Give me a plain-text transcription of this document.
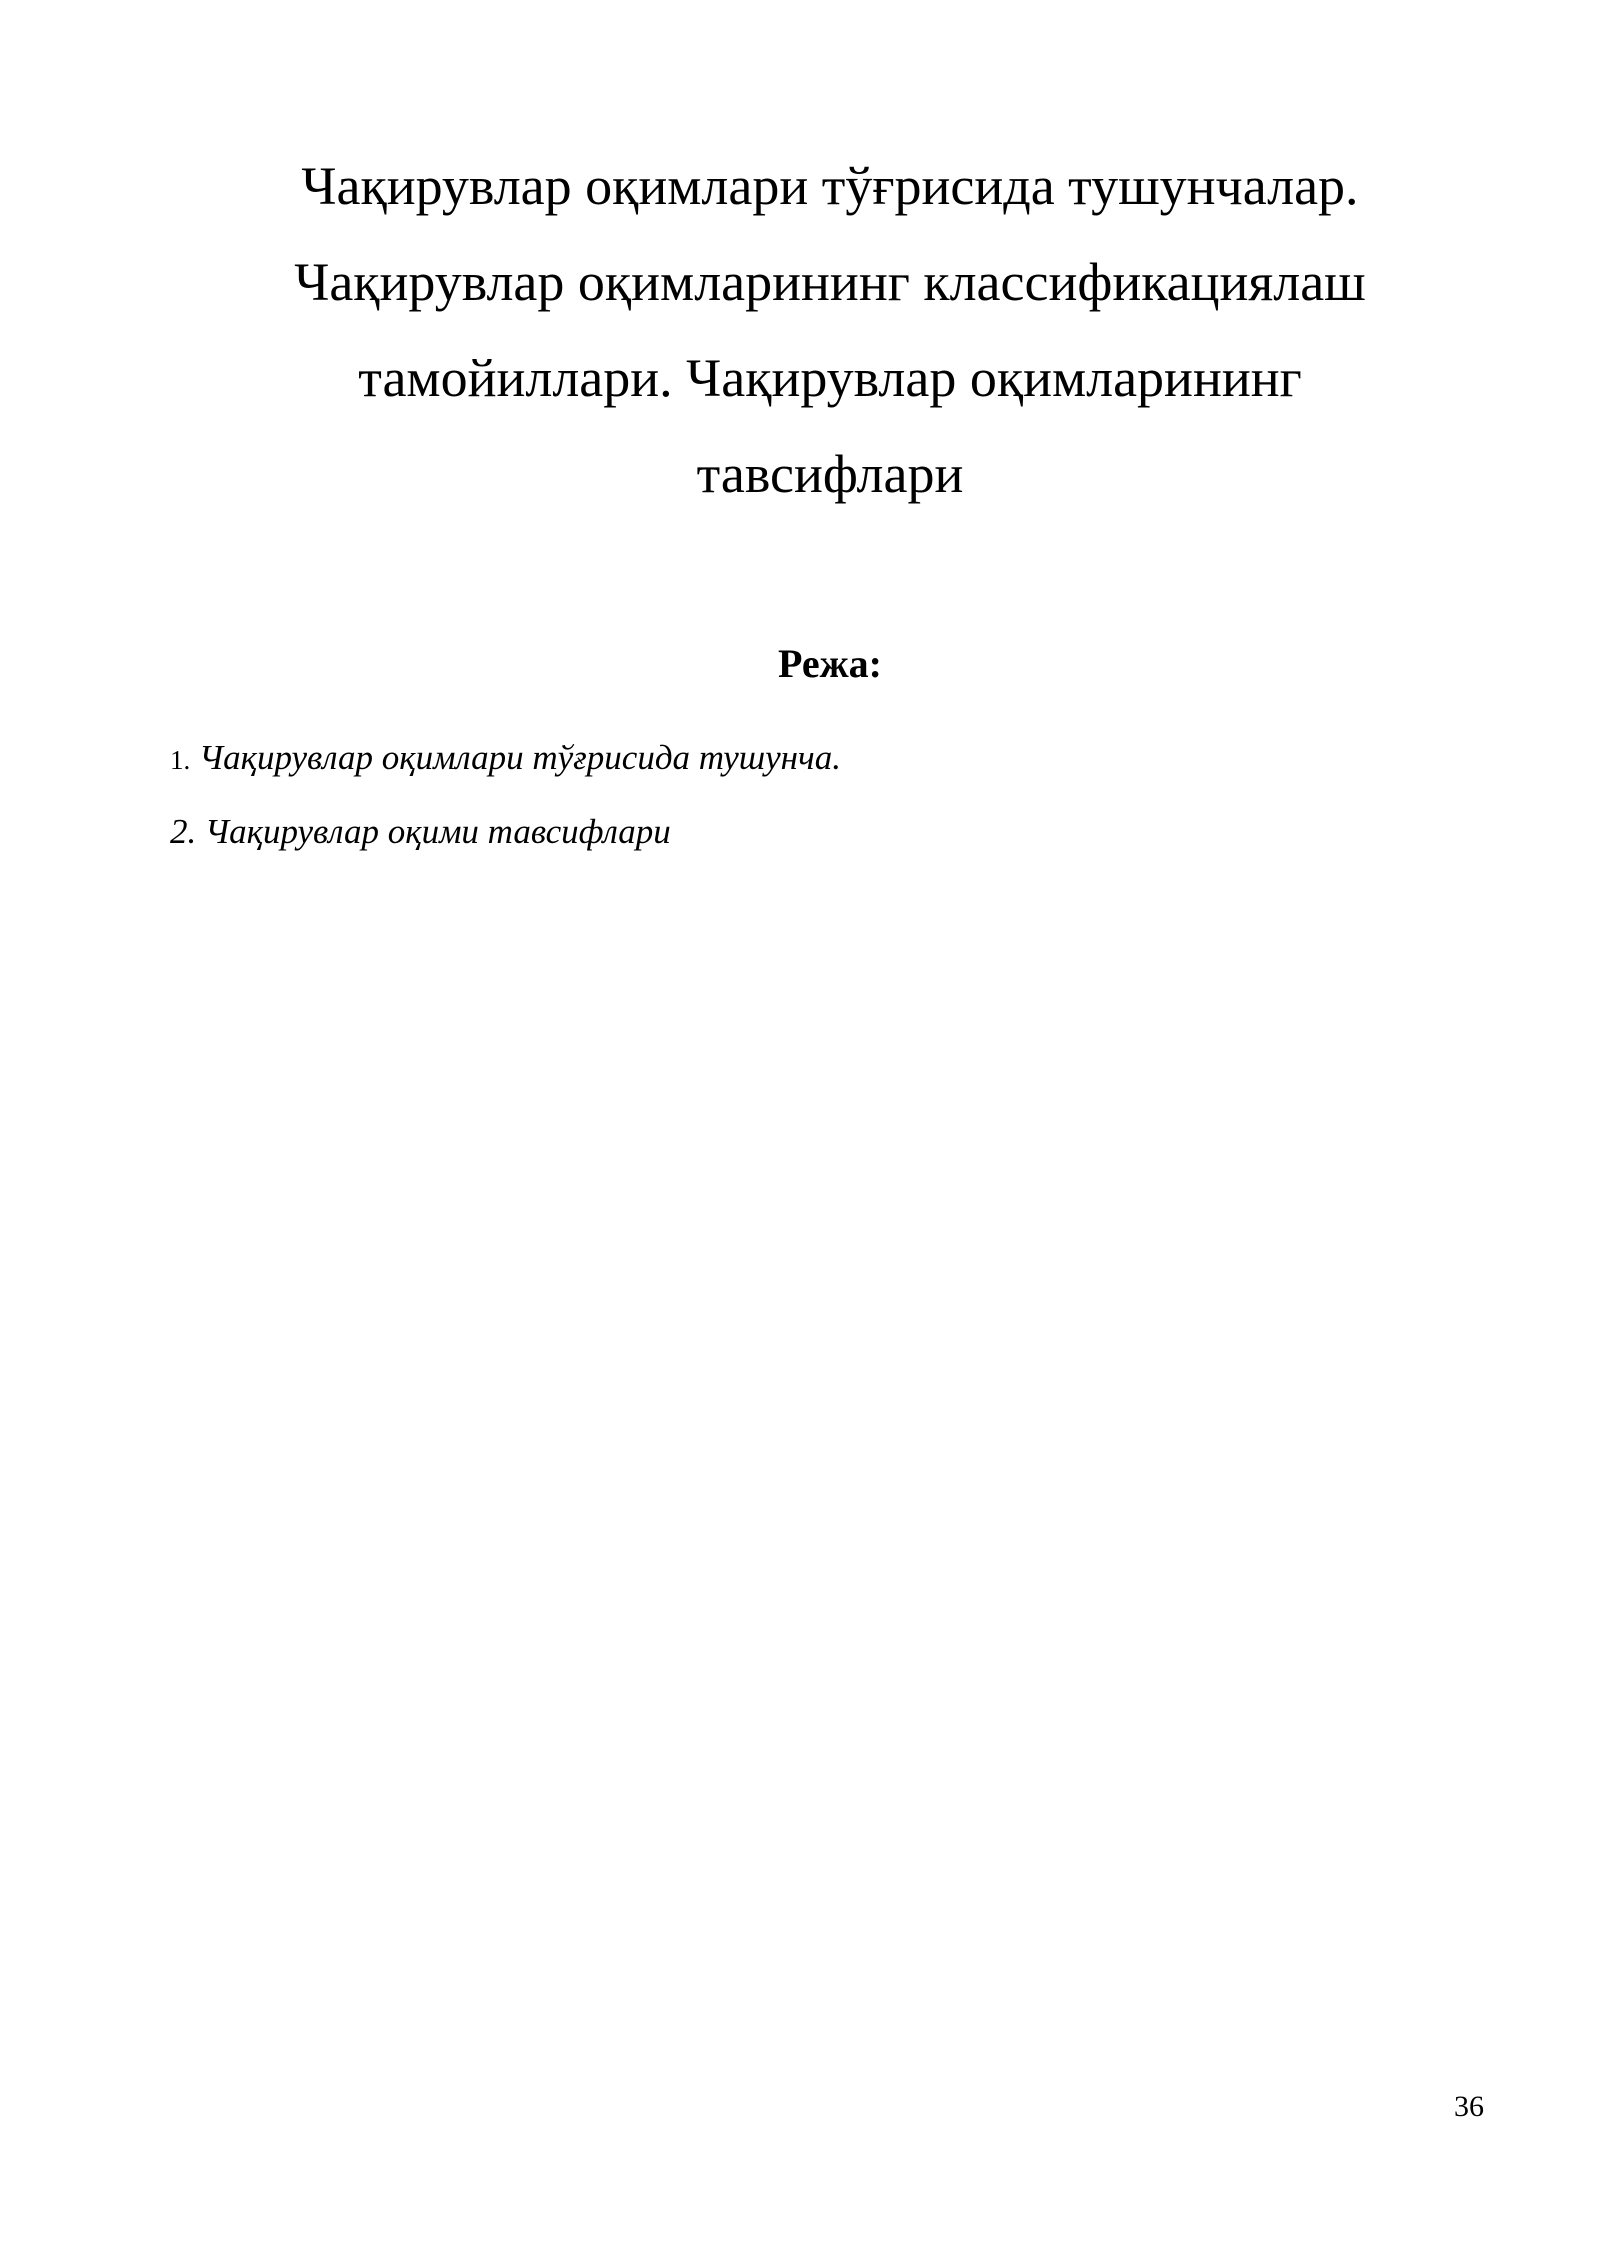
Чақирувлар оқимлари тўғрисида тушунчалар.
Чақирувлар оқимларининг классификациялаш
тамойиллари. Чақирувлар оқимларининг
тавсифлари
Режа:
1. Чақирувлар оқимлари тўғрисида тушунча.
2. Чақирувлар оқими тавсифлари
36
